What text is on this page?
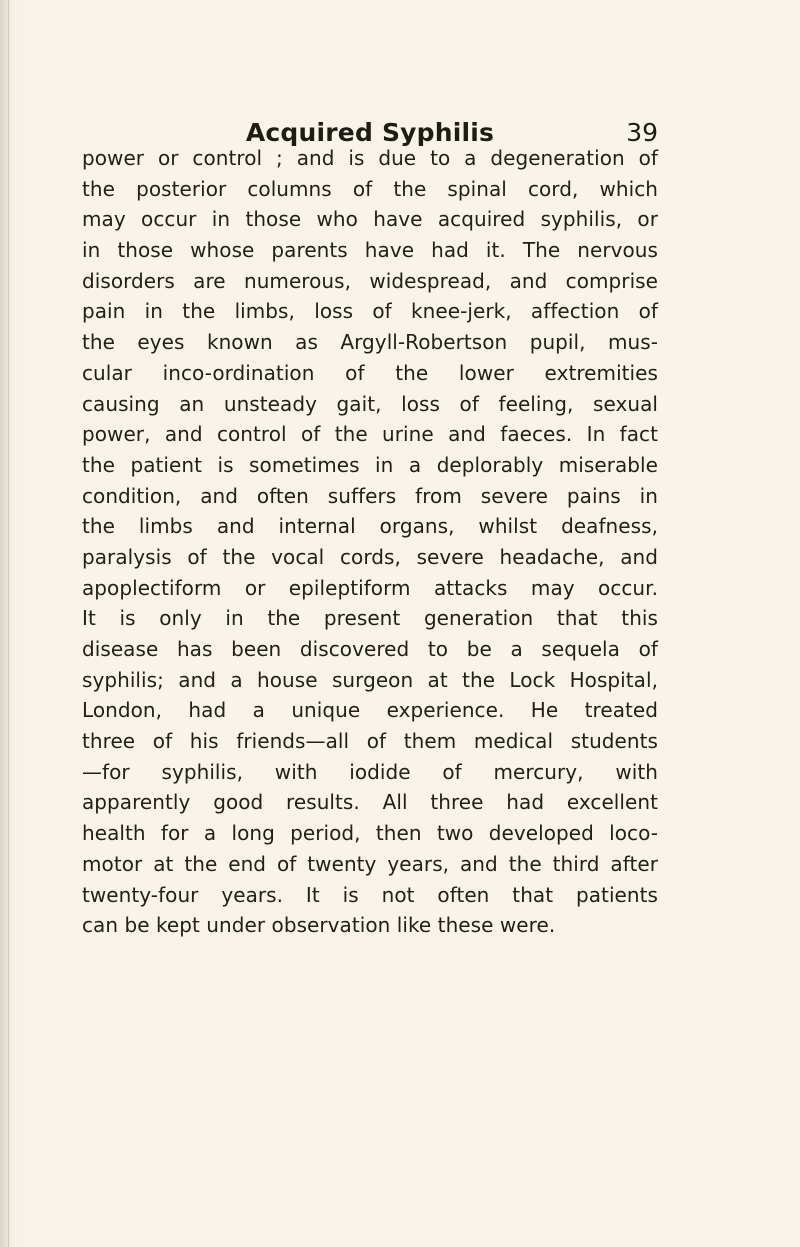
Acquired Syphilis	39
power or control ; and is due to a degeneration of
the posterior columns of the spinal cord, which
may occur in those who have acquired syphilis, or
in those whose parents have had it. The nervous
disorders are numerous, widespread, and comprise
pain in the limbs, loss of knee-jerk, affection of
the eyes known as Argyll-Robertson pupil, mus-
cular inco-ordination of the lower extremities
causing an unsteady gait, loss of feeling, sexual
power, and control of the urine and faeces. In fact
the patient is sometimes in a deplorably miserable
condition, and often suffers from severe pains in
the limbs and internal organs, whilst deafness,
paralysis of the vocal cords, severe headache, and
apoplectiform or epileptiform attacks may occur.
It is only in the present generation that this
disease has been discovered to be a sequela of
syphilis; and a house surgeon at the Lock Hospital,
London, had a unique experience. He treated
three of his friends—all of them medical students
—for syphilis, with iodide of mercury, with
apparently good results. All three had excellent
health for a long period, then two developed loco-
motor at the end of twenty years, and the third after
twenty-four years. It is not often that patients
can be kept under observation like these were.
